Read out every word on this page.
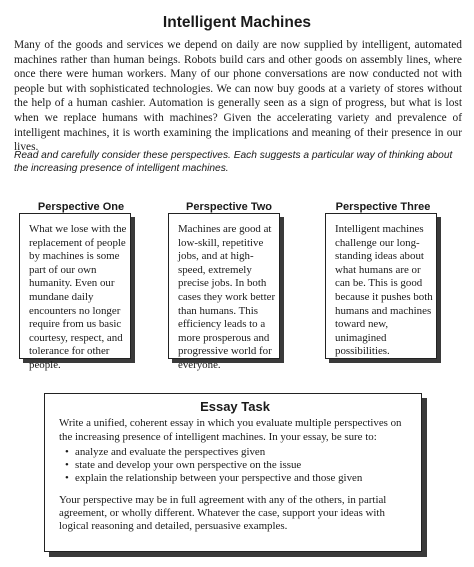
Intelligent Machines
Many of the goods and services we depend on daily are now supplied by intelligent, automated machines rather than human beings. Robots build cars and other goods on assembly lines, where once there were human workers. Many of our phone conversations are now conducted not with people but with sophisticated technologies. We can now buy goods at a variety of stores without the help of a human cashier. Automation is generally seen as a sign of progress, but what is lost when we replace humans with machines? Given the accelerating variety and prevalence of intelligent machines, it is worth examining the implications and meaning of their presence in our lives.
Read and carefully consider these perspectives. Each suggests a particular way of thinking about the increasing presence of intelligent machines.
Perspective One
What we lose with the replacement of people by machines is some part of our own humanity. Even our mundane daily encounters no longer require from us basic courtesy, respect, and tolerance for other people.
Perspective Two
Machines are good at low-skill, repetitive jobs, and at high-speed, extremely precise jobs. In both cases they work better than humans. This efficiency leads to a more prosperous and progressive world for everyone.
Perspective Three
Intelligent machines challenge our long-standing ideas about what humans are or can be. This is good because it pushes both humans and machines toward new, unimagined possibilities.
Essay Task
Write a unified, coherent essay in which you evaluate multiple perspectives on the increasing presence of intelligent machines. In your essay, be sure to:
• analyze and evaluate the perspectives given
• state and develop your own perspective on the issue
• explain the relationship between your perspective and those given
Your perspective may be in full agreement with any of the others, in partial agreement, or wholly different. Whatever the case, support your ideas with logical reasoning and detailed, persuasive examples.
